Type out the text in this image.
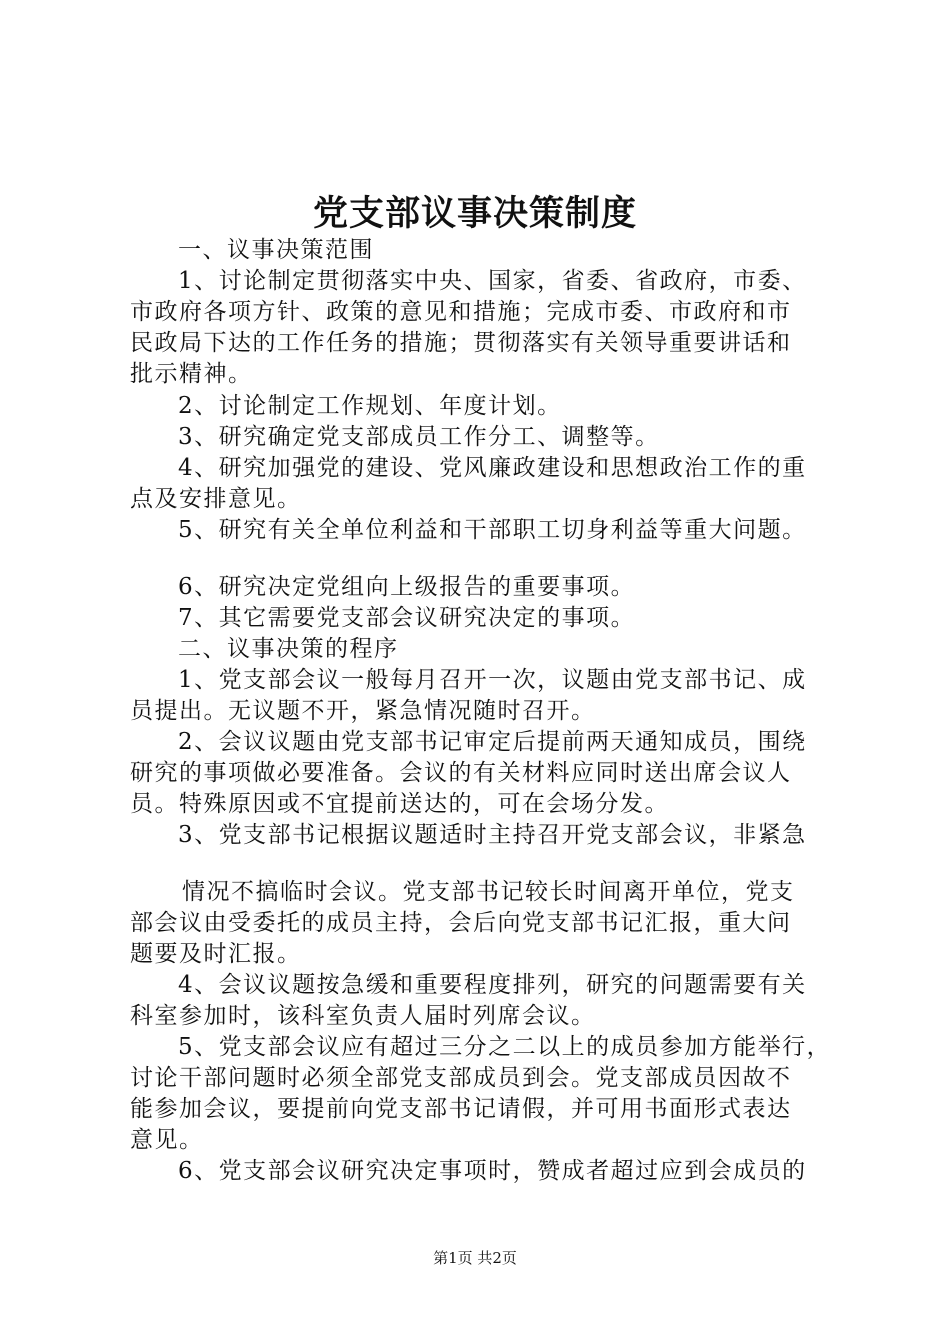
党支部议事决策制度
一、议事决策范围
1、讨论制定贯彻落实中央、国家，省委、省政府，市委、
市政府各项方针、政策的意见和措施；完成市委、市政府和市
民政局下达的工作任务的措施；贯彻落实有关领导重要讲话和
批示精神。
2、讨论制定工作规划、年度计划。
3、研究确定党支部成员工作分工、调整等。
4、研究加强党的建设、党风廉政建设和思想政治工作的重
点及安排意见。
5、研究有关全单位利益和干部职工切身利益等重大问题。
6、研究决定党组向上级报告的重要事项。
7、其它需要党支部会议研究决定的事项。
二、议事决策的程序
1、党支部会议一般每月召开一次，议题由党支部书记、成
员提出。无议题不开，紧急情况随时召开。
2、会议议题由党支部书记审定后提前两天通知成员，围绕
研究的事项做必要准备。会议的有关材料应同时送出席会议人
员。特殊原因或不宜提前送达的，可在会场分发。
3、党支部书记根据议题适时主持召开党支部会议，非紧急
情况不搞临时会议。党支部书记较长时间离开单位，党支
部会议由受委托的成员主持，会后向党支部书记汇报，重大问
题要及时汇报。
4、会议议题按急缓和重要程度排列，研究的问题需要有关
科室参加时，该科室负责人届时列席会议。
5、党支部会议应有超过三分之二以上的成员参加方能举行，
讨论干部问题时必须全部党支部成员到会。党支部成员因故不
能参加会议，要提前向党支部书记请假，并可用书面形式表达
意见。
6、党支部会议研究决定事项时，赞成者超过应到会成员的
第1页 共2页
